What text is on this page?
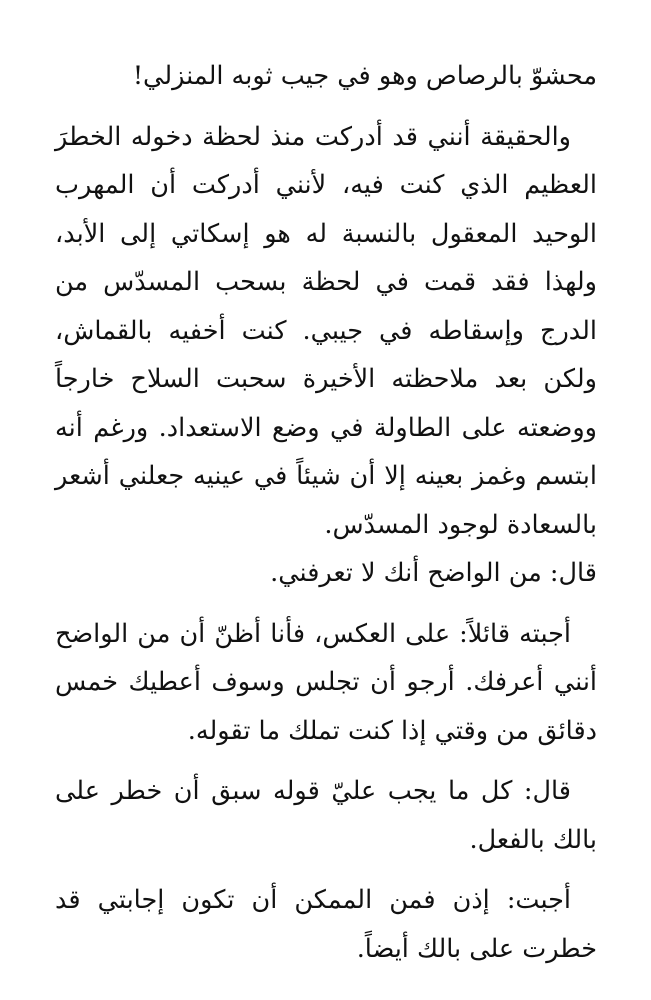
محشوّ بالرصاص وهو في جيب ثوبه المنزلي!

والحقيقة أنني قد أدركت منذ لحظة دخوله الخطرَ العظيم الذي كنت فيه، لأنني أدركت أن المهرب الوحيد المعقول بالنسبة له هو إسكاتي إلى الأبد، ولهذا فقد قمت في لحظة بسحب المسدّس من الدرج وإسقاطه في جيبي. كنت أخفيه بالقماش، ولكن بعد ملاحظته الأخيرة سحبت السلاح خارجاً ووضعته على الطاولة في وضع الاستعداد. ورغم أنه ابتسم وغمز بعينه إلا أن شيئاً في عينيه جعلني أشعر بالسعادة لوجود المسدّس.

قال: من الواضح أنك لا تعرفني.

أجبته قائلاً: على العكس، فأنا أظنّ أن من الواضح أنني أعرفك. أرجو أن تجلس وسوف أعطيك خمس دقائق من وقتي إذا كنت تملك ما تقوله.

قال: كل ما يجب عليّ قوله سبق أن خطر على بالك بالفعل.

أجبت: إذن فمن الممكن أن تكون إجابتي قد خطرت على بالك أيضاً.
